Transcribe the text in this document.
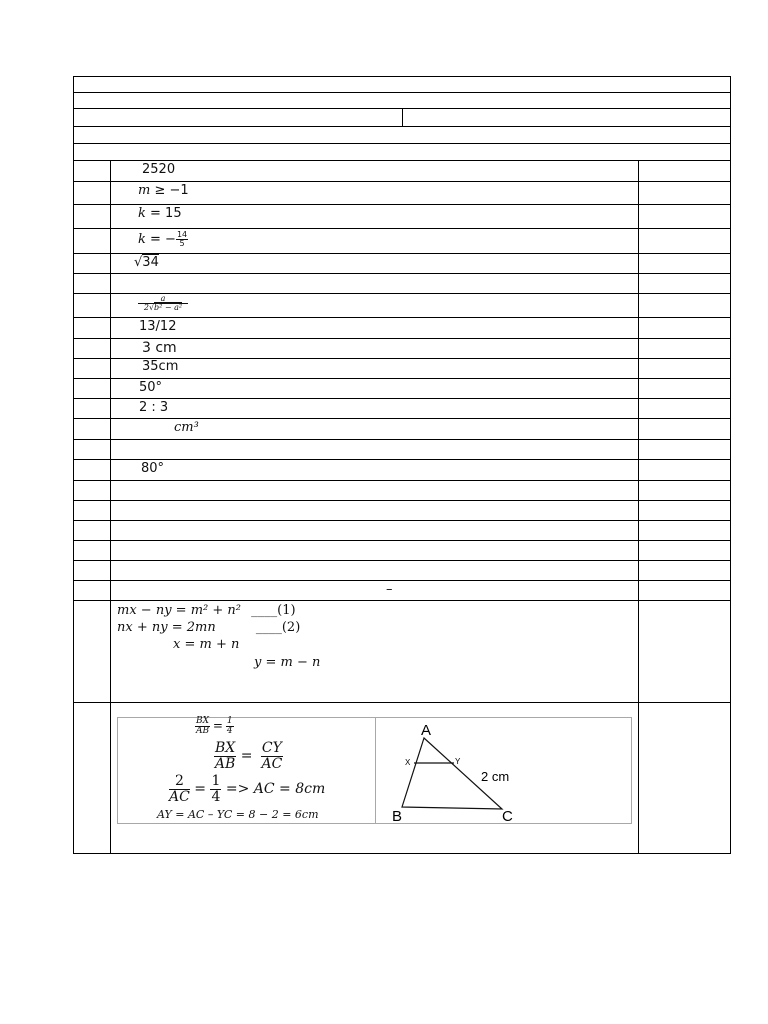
2520
m ≥ −1
k = 15
k = − $\frac{14}{5}$
√34
$\frac{a}{\text{2√b² − a²}}$
13/12
3 cm
35cm
50°
2 : 3
cm³
80°
–
mx − ny = m² + n² ____(1)
nx + ny = 2mn	____(2)
x = m + n
y = m − n
$\frac{BX}{AB} = \frac{1}{4}$
$\frac{BX}{AB} = \frac{CY}{AC}$
$\frac{2}{AC} = \frac{1}{4}$ => AC = 8cm
AY = AC – YC = 8 − 2 = 6cm
A
B	C
X	Y
2 cm
